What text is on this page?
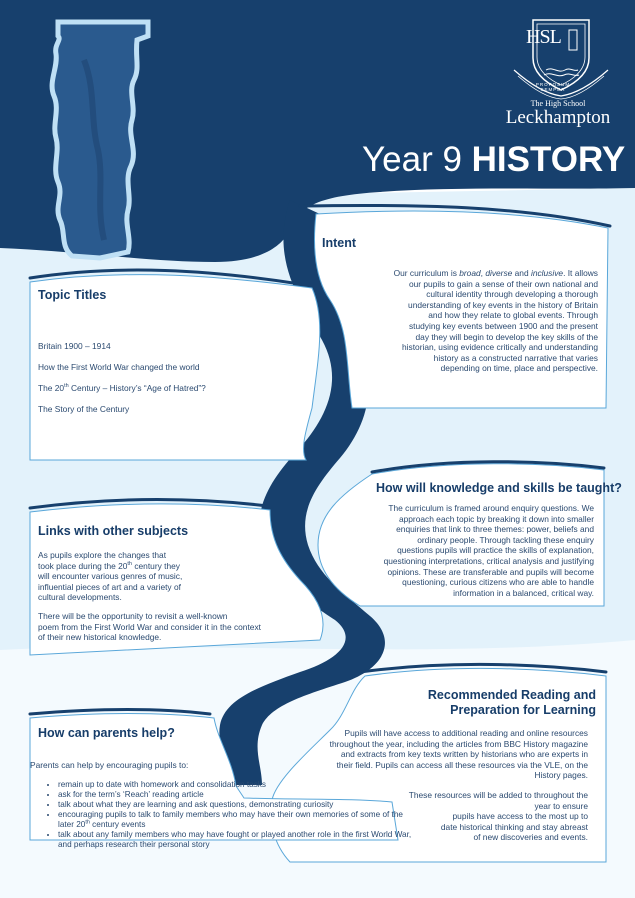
HSL
PROPOSUM SEMPER
The High School
Leckhampton
Year 9 HISTORY
Intent
Our curriculum is broad, diverse and inclusive. It allows
our pupils to gain a sense of their own national and
cultural identity through developing a thorough
understanding of key events in the history of Britain
and how they relate to global events. Through
studying key events between 1900 and the present
day they will begin to develop the key skills of the
historian, using evidence critically and understanding
history as a constructed narrative that varies
depending on time, place and perspective.
Topic Titles
Britain 1900 – 1914
How the First World War changed the world
The 20th Century – History’s “Age of Hatred”?
The Story of the Century
How will knowledge and skills be taught?
The curriculum is framed around enquiry questions. We
approach each topic by breaking it down into smaller
enquiries that link to three themes: power, beliefs and
ordinary people. Through tackling these enquiry
questions pupils will practice the skills of explanation,
questioning interpretations, critical analysis and justifying
opinions. These are transferable and pupils will become
questioning, curious citizens who are able to handle
information in a balanced, critical way.
Links with other subjects
As pupils explore the changes that
took place during the 20th century they
will encounter various genres of music,
influential pieces of art and a variety of
cultural developments.
There will be the opportunity to revisit a well-known
poem from the First World War and consider it in the context
of their new historical knowledge.
Recommended Reading and
Preparation for Learning
Pupils will have access to additional reading and online resources
throughout the year, including the articles from BBC History magazine
and extracts from key texts written by historians who are experts in
their field. Pupils can access all these resources via the VLE, on the
History pages.
These resources will be added to throughout the
year to ensure
pupils have access to the most up to
date historical thinking and stay abreast
of new discoveries and events.
How can parents help?
Parents can help by encouraging pupils to:
• remain up to date with homework and consolidation tasks
• ask for the term’s ‘Reach’ reading article
• talk about what they are learning and ask questions, demonstrating curiosity
• encouraging pupils to talk to family members who may have their own memories of some of the later 20th century events
• talk about any family members who may have fought or played another role in the first World War, and perhaps research their personal story
